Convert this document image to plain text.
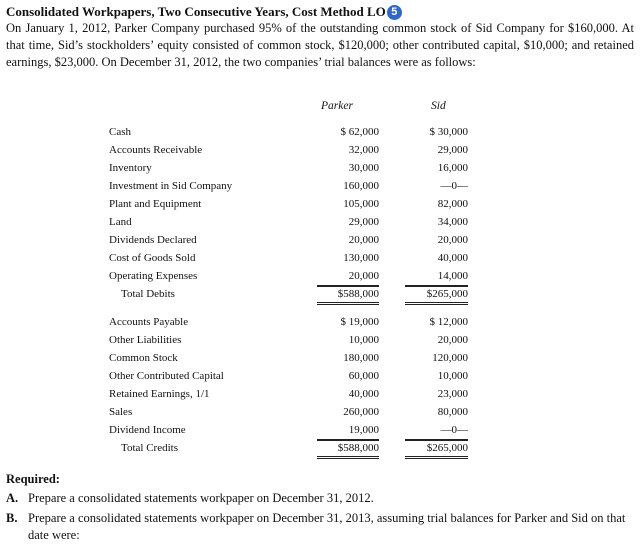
Consolidated Workpapers, Two Consecutive Years, Cost Method LO 5
On January 1, 2012, Parker Company purchased 95% of the outstanding common stock of Sid Company for $160,000. At that time, Sid’s stockholders’ equity consisted of common stock, $120,000; other contributed capital, $10,000; and retained earnings, $23,000. On December 31, 2012, the two companies’ trial balances were as follows:
Parker	Sid
Cash	$ 62,000	$ 30,000
Accounts Receivable	32,000	29,000
Inventory	30,000	16,000
Investment in Sid Company	160,000	—0—
Plant and Equipment	105,000	82,000
Land	29,000	34,000
Dividends Declared	20,000	20,000
Cost of Goods Sold	130,000	40,000
Operating Expenses	20,000	14,000
Total Debits	$588,000	$265,000
Accounts Payable	$ 19,000	$ 12,000
Other Liabilities	10,000	20,000
Common Stock	180,000	120,000
Other Contributed Capital	60,000	10,000
Retained Earnings, 1/1	40,000	23,000
Sales	260,000	80,000
Dividend Income	19,000	—0—
Total Credits	$588,000	$265,000
Required:
A. Prepare a consolidated statements workpaper on December 31, 2012.
B. Prepare a consolidated statements workpaper on December 31, 2013, assuming trial balances for Parker and Sid on that date were:
